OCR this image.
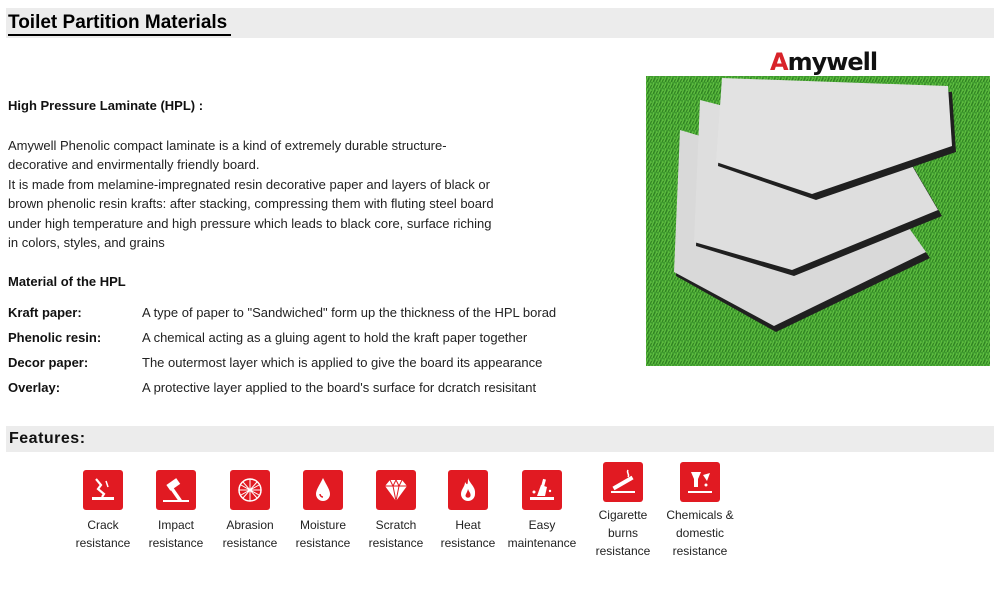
Toilet Partition Materials
Amywell
High Pressure Laminate (HPL) :

Amywell Phenolic compact laminate is a kind of extremely durable structure-decorative and envirmentally friendly board.

It is made from melamine-impregnated resin decorative paper and layers of black or brown phenolic resin krafts: after stacking, compressing them with fluting steel board under high temperature and high pressure which leads to black core, surface riching in colors, styles, and grains

Material of the HPL
Kraft paper:	A type of paper to "Sandwiched" form up the thickness of the HPL borad
Phenolic resin:	A chemical acting as a gluing agent to hold the kraft paper together
Decor paper:	The outermost layer which is applied to give the board its appearance
Overlay:	A protective layer applied to the board's surface for dcratch resisitant
Features:
Crack
resistance
Impact
resistance
Abrasion
resistance
Moisture
resistance
Scratch
resistance
Heat
resistance
Easy
maintenance
Cigarette
burns
resistance
Chemicals &
domestic
resistance
